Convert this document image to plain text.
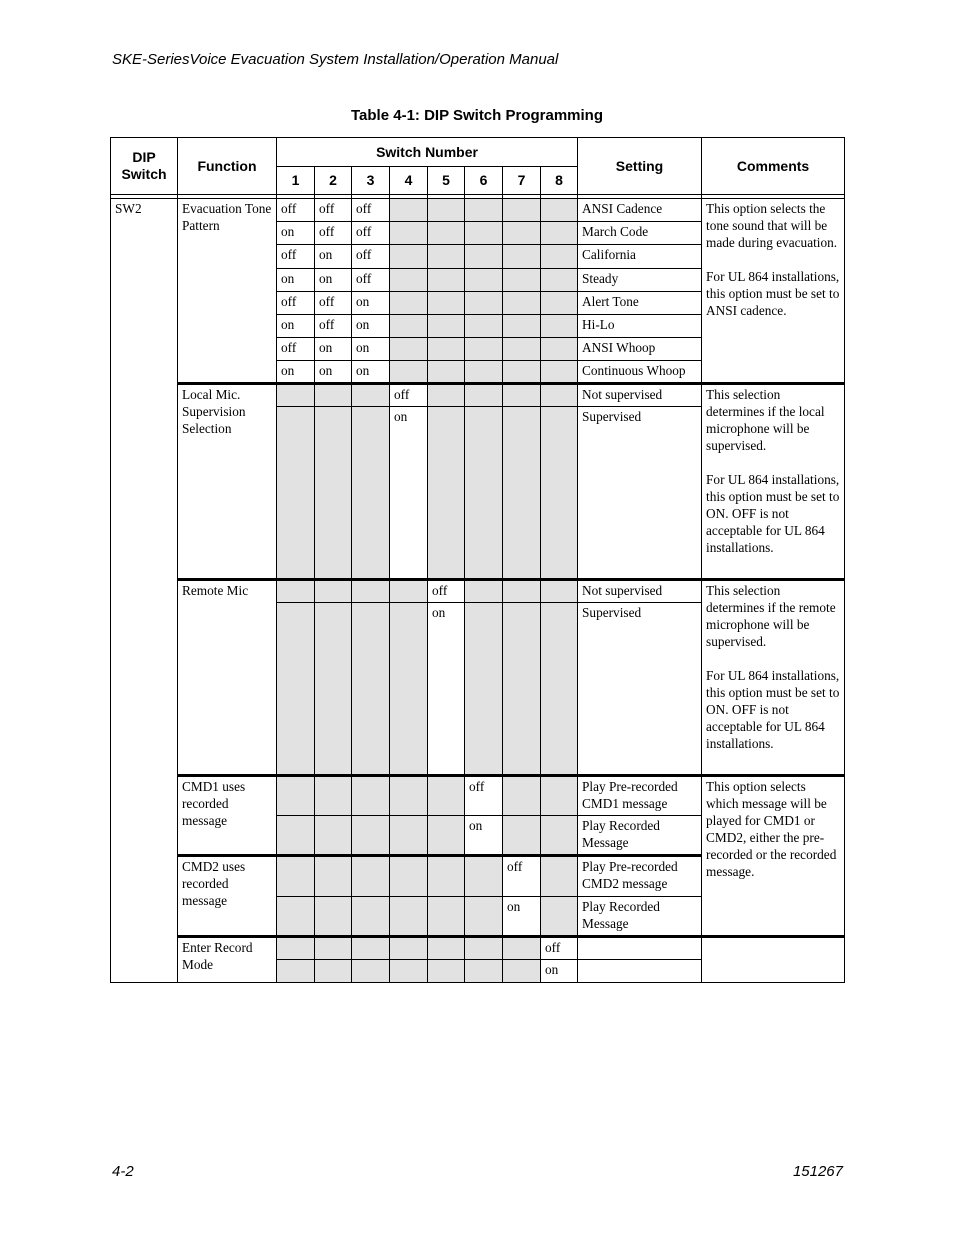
SKE-SeriesVoice Evacuation System Installation/Operation Manual
Table 4-1: DIP Switch Programming
DIP Switch	Function	Switch Number								Setting	Comments
		1	2	3	4	5	6	7	8		

SW2	Evacuation Tone Pattern	off	off	off						ANSI Cadence	This option selects the tone sound that will be made during evacuation.

For UL 864 installations, this option must be set to ANSI cadence.
		on	off	off						March Code	
		off	on	off						California	
		on	on	off						Steady	
		off	off	on						Alert Tone	
		on	off	on						Hi-Lo	
		off	on	on						ANSI Whoop	
		on	on	on						Continuous Whoop	
	Local Mic. Supervision Selection				off					Not supervised	This selection determines if the local microphone will be supervised.

For UL 864 installations, this option must be set to ON. OFF is not acceptable for UL 864 installations.
					on					Supervised	
	Remote Mic					off				Not supervised	This selection determines if the remote microphone will be supervised.

For UL 864 installations, this option must be set to ON. OFF is not acceptable for UL 864 installations.
						on				Supervised	
	CMD1 uses recorded message						off			Play Pre-recorded CMD1 message	This option selects which message will be played for CMD1 or CMD2, either the pre-recorded or the recorded message.
							on			Play Recorded Message	
	CMD2 uses recorded message							off		Play Pre-recorded CMD2 message	
								on		Play Recorded Message	
	Enter Record Mode								off		
									on		
4-2	151267
